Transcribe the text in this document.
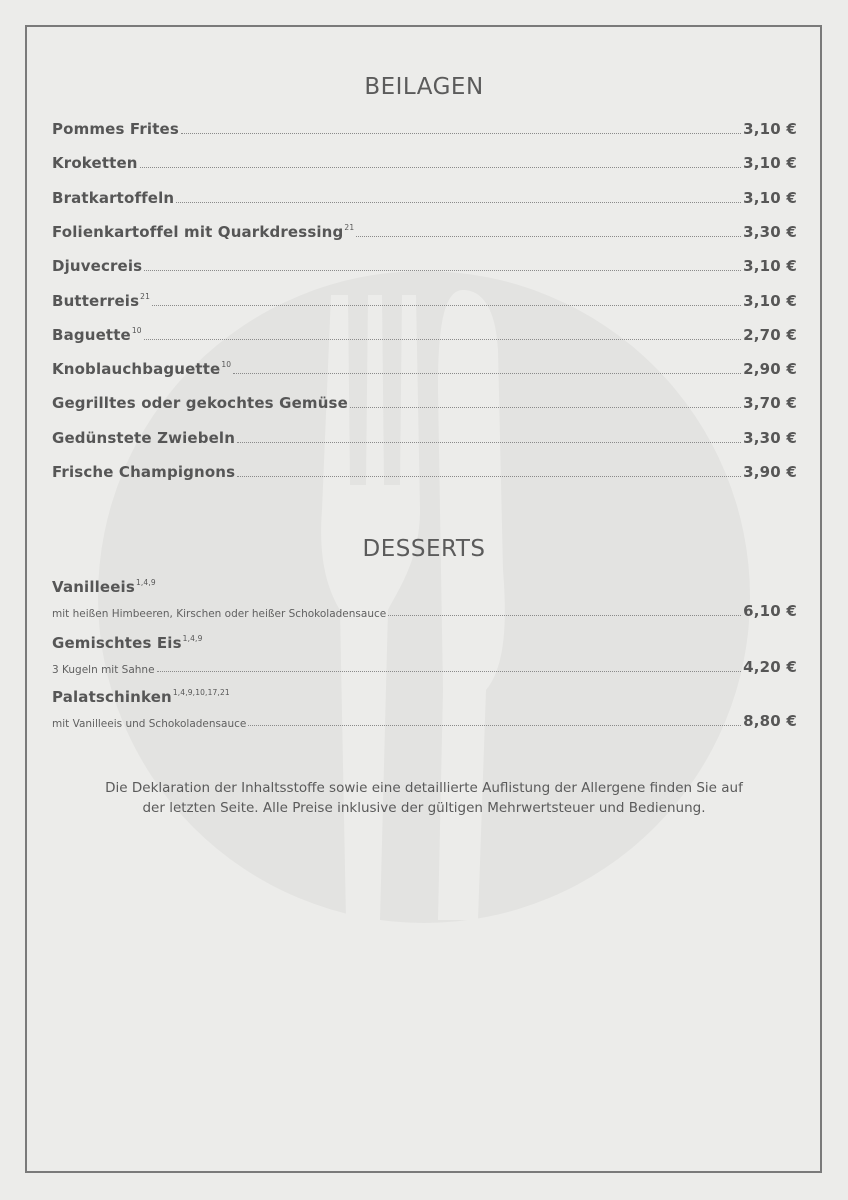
BEILAGEN
Pommes Frites	3,10 €
Kroketten	3,10 €
Bratkartoffeln	3,10 €
Folienkartoffel mit Quarkdressing$^{21}$	3,30 €
Djuvecreis	3,10 €
Butterreis$^{21}$	3,10 €
Baguette$^{10}$	2,70 €
Knoblauchbaguette$^{10}$	2,90 €
Gegrilltes oder gekochtes Gemüse	3,70 €
Gedünstete Zwiebeln	3,30 €
Frische Champignons	3,90 €
DESSERTS
Vanilleeis$^{1,4,9}$
mit heißen Himbeeren, Kirschen oder heißer Schokoladensauce	6,10 €
Gemischtes Eis$^{1,4,9}$
3 Kugeln mit Sahne	4,20 €
Palatschinken$^{1,4,9,10,17,21}$
mit Vanilleeis und Schokoladensauce	8,80 €

Die Deklaration der Inhaltsstoffe sowie eine detaillierte Auflistung der Allergene finden Sie auf
der letzten Seite. Alle Preise inklusive der gültigen Mehrwertsteuer und Bedienung.
